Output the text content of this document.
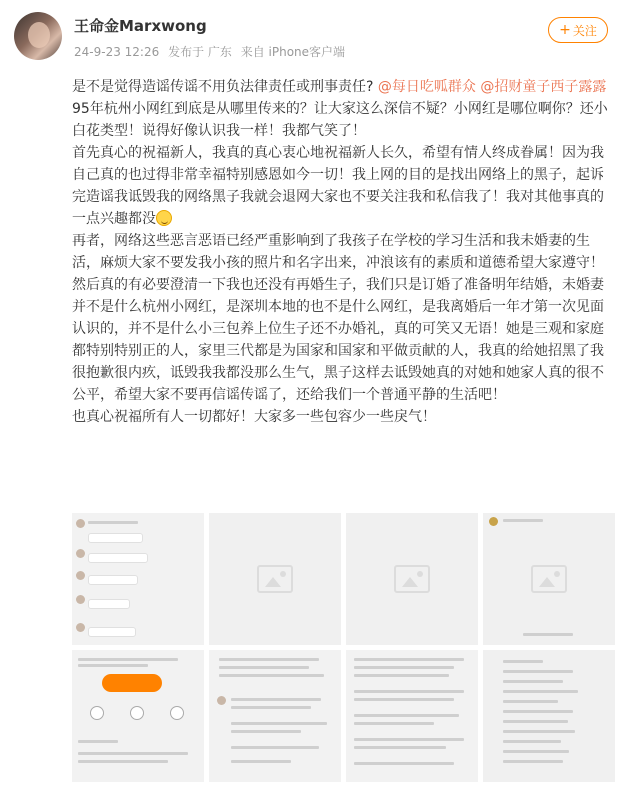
王命金Marxwong
24-9-23 12:26 发布于 广东 来自 iPhone客户端
+ 关注

是不是觉得造谣传谣不用负法律责任或刑事责任? @每日吃呱群众 @招财童子西子露露

95年杭州小网红到底是从哪里传来的？让大家这么深信不疑？小网红是哪位啊你？还小白花类型！说得好像认识我一样！我都气笑了！

首先真心的祝福新人，我真的真心衷心地祝福新人长久，希望有情人终成眷属！因为我自己真的也过得非常幸福特别感恩如今一切！我上网的目的是找出网络上的黑子，起诉完造谣我诋毁我的网络黑子我就会退网大家也不要关注我和私信我了！我对其他事真的一点兴趣都没

再者，网络这些恶言恶语已经严重影响到了我孩子在学校的学习生活和我未婚妻的生活，麻烦大家不要发我小孩的照片和名字出来，冲浪该有的素质和道德希望大家遵守！然后真的有必要澄清一下我也还没有再婚生子，我们只是订婚了准备明年结婚，未婚妻并不是什么杭州小网红，是深圳本地的也不是什么网红，是我离婚后一年才第一次见面认识的，并不是什么小三包养上位生子还不办婚礼，真的可笑又无语！她是三观和家庭都特别特别正的人，家里三代都是为国家和国家和平做贡献的人，我真的给她招黑了我很抱歉很内疚，诋毁我我都没那么生气，黑子这样去诋毁她真的对她和她家人真的很不公平，希望大家不要再信谣传谣了，还给我们一个普通平静的生活吧！

也真心祝福所有人一切都好！大家多一些包容少一些戾气！
